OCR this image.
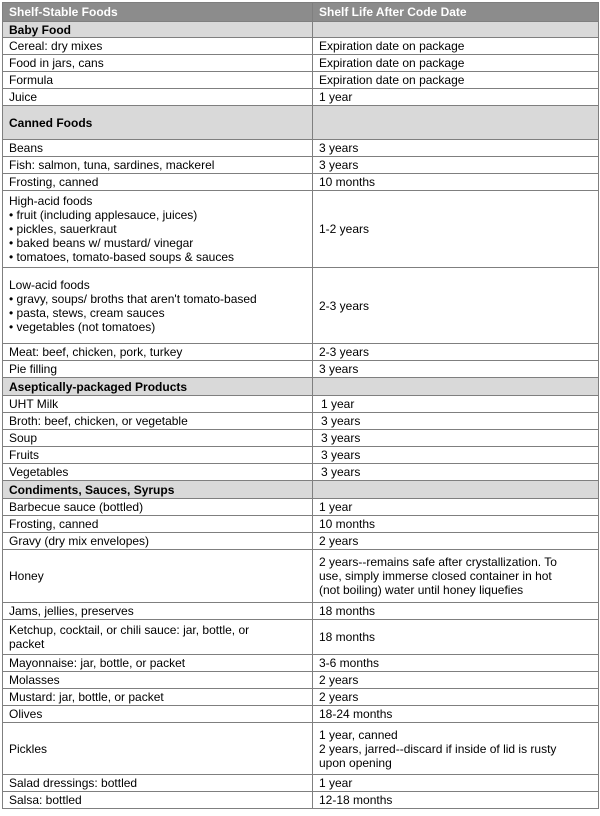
Shelf-Stable Foods	Shelf Life After Code Date
Baby Food	

Cereal: dry mixes	Expiration date on package

Food in jars, cans	Expiration date on package

Formula	Expiration date on package

Juice	1 year

Canned Foods	

Beans	3 years

Fish: salmon, tuna, sardines, mackerel	3 years

Frosting, canned	10 months

High-acid foods
• fruit (including applesauce, juices)
• pickles, sauerkraut
• baked beans w/ mustard/ vinegar
• tomatoes, tomato-based soups & sauces	1-2 years

Low-acid foods
• gravy, soups/ broths that aren't tomato-based
• pasta, stews, cream sauces
• vegetables (not tomatoes)	2-3 years

Meat: beef, chicken, pork, turkey	2-3 years

Pie filling	3 years

Aseptically-packaged Products	

UHT Milk	1 year

Broth: beef, chicken, or vegetable	3 years

Soup	3 years

Fruits	3 years

Vegetables	3 years

Condiments, Sauces, Syrups	

Barbecue sauce (bottled)	1 year

Frosting, canned	10 months

Gravy (dry mix envelopes)	2 years

Honey	2 years--remains safe after crystallization. To
use, simply immerse closed container in hot
(not boiling) water until honey liquefies

Jams, jellies, preserves	18 months

Ketchup, cocktail, or chili sauce: jar, bottle, or
packet	18 months

Mayonnaise: jar, bottle, or packet	3-6 months

Molasses	2 years

Mustard: jar, bottle, or packet	2 years

Olives	18-24 months

Pickles	1 year, canned
2 years, jarred--discard if inside of lid is rusty
upon opening

Salad dressings: bottled	1 year

Salsa: bottled	12-18 months
